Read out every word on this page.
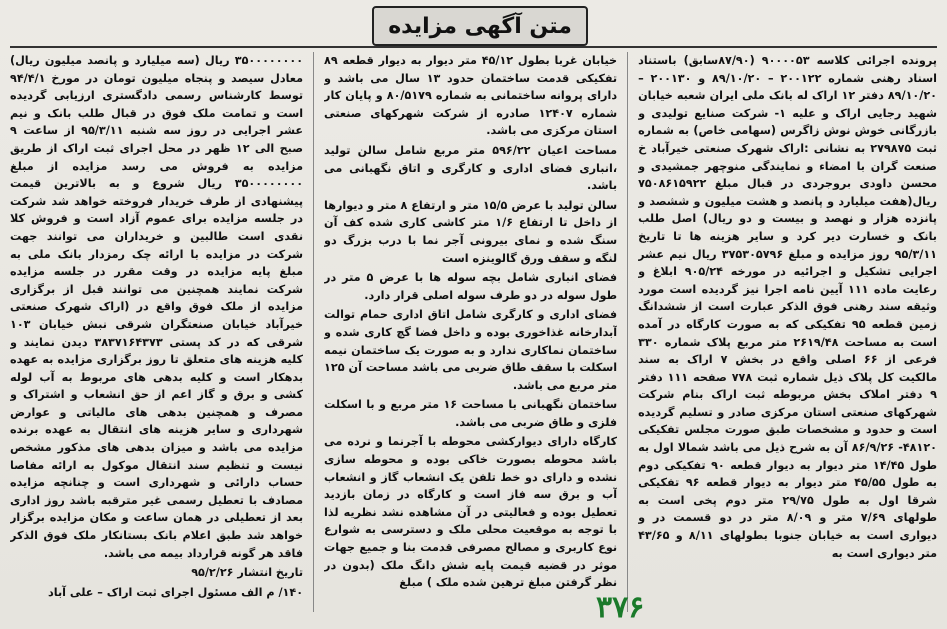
متن آگهی مزایده

پرونده اجرائی کلاسه ۹۰۰۰۰۵۳ (۸۷/۹۰سابق) باستناد اسناد رهنی شماره ۲۰۰۱۲۲ – ۸۹/۱۰/۲۰ و ۲۰۰۱۳۰ – ۸۹/۱۰/۲۰ دفتر ۱۲ اراک له بانک ملی ایران شعبه خیابان شهید رجایی اراک و علیه ۱- شرکت صنایع تولیدی و بازرگانی خوش نوش زاگرس (سهامی خاص) به شماره ثبت ۲۷۹۸۷۵ به نشانی :اراک شهرک صنعتی خیرآباد خ صنعت گران با امضاء و نمایندگی منوچهر جمشیدی و محسن داودی بروجردی در قبال مبلغ ۷۵۰۸۶۱۵۹۲۲ ریال(هفت میلیارد و پانصد و هشت میلیون و ششصد و پانزده هزار و نهصد و بیست و دو ریال) اصل طلب بانک و خسارت دیر کرد و سایر هزینه ها تا تاریخ ۹۵/۳/۱۱ روز مزایده و مبلغ ۳۷۵۳۰۵۷۹۶ ریال نیم عشر اجرایی تشکیل و اجرائیه در مورخه ۹۰۵/۲۴ ابلاغ و رعایت ماده ۱۱۱ آیین نامه اجرا نیز گردیده است مورد وثیقه سند رهنی فوق الذکر عبارت است از ششدانگ زمین قطعه ۹۵ تفکیکی که به صورت کارگاه در آمده است به مساحت ۲۶۱۹/۴۸ متر مربع پلاک شماره ۳۳۰ فرعی از ۶۶ اصلی واقع در بخش ۷ اراک به سند مالکیت کل پلاک ذیل شماره ثبت ۷۷۸ صفحه ۱۱۱ دفتر ۹ دفتر املاک بخش مربوطه ثبت اراک بنام شرکت شهرکهای صنعتی استان مرکزی صادر و تسلیم گردیده است و حدود و مشخصات طبق صورت مجلس تفکیکی ۴۸۱۲۰- ۸۶/۹/۲۶ آن به شرح ذیل می باشد شمالا اول به طول ۱۴/۴۵ متر دیوار به دیوار قطعه ۹۰ تفکیکی دوم به طول ۴۵/۵۵ متر دیوار به دیوار قطعه ۹۶ تفکیکی شرقا اول به طول ۲۹/۷۵ متر دوم پخی است به طولهای ۷/۶۹ متر و ۸/۰۹ متر در دو قسمت در و دیواری است به خیابان جنوبا بطولهای ۸/۱۱ و ۴۳/۶۵ متر دیواری است به

خیابان غربا بطول ۴۵/۱۲ متر دیوار به دیوار قطعه ۸۹ تفکیکی قدمت ساختمان حدود ۱۳ سال می باشد و دارای پروانه ساختمانی به شماره ۸۰/۵۱۷۹ و پایان کار شماره ۱۲۴۰۷ صادره از شرکت شهرکهای صنعتی استان مرکزی می باشد.

مساحت اعیان ۵۹۶/۲۲ متر مربع شامل سالن تولید ،انباری فضای اداری و کارگری و اتاق نگهبانی می باشد.

سالن تولید با عرض ۱۵/۵ متر و ارتفاع ۸ متر و دیوارها از داخل تا ارتفاع ۱/۶ متر کاشی کاری شده کف آن سنگ شده و نمای بیرونی آجر نما با درب بزرگ دو لنگه و سقف ورق گالوینزه است

فضای انباری شامل بچه سوله ها با عرض ۵ متر در طول سوله در دو طرف سوله اصلی قرار دارد.

فضای اداری و کارگری شامل اتاق اداری حمام توالت آبدارخانه غذاخوری بوده و داخل فضا گچ کاری شده و ساختمان نماکاری ندارد و به صورت یک ساختمان نیمه اسکلت با سقف طاق ضربی می باشد مساحت آن ۱۲۵ متر مربع می باشد.

ساختمان نگهبانی با مساحت ۱۶ متر مربع و با اسکلت فلزی و طاق ضربی می باشد.

کارگاه دارای دیوارکشی محوطه با آجرنما و نرده می باشد محوطه بصورت خاکی بوده و محوطه سازی نشده و دارای دو خط تلفن یک انشعاب گاز و انشعاب آب و برق سه فاز است و کارگاه در زمان بازدید تعطیل بوده و فعالیتی در آن مشاهده نشد نظریه لذا با توجه به موقعیت محلی ملک و دسترسی به شوارع نوع کاربری و مصالح مصرفی قدمت بنا و جمیع جهات موثر در قضیه قیمت پایه شش دانگ ملک (بدون در نظر گرفتن مبلغ ترهین شده ملک ) مبلغ

۳۵۰۰۰۰۰۰۰۰ ریال (سه میلیارد و پانصد میلیون ریال) معادل سیصد و پنجاه میلیون تومان در مورخ ۹۴/۴/۱ توسط کارشناس رسمی دادگستری ارزیابی گردیده است و تمامت ملک فوق در قبال طلب بانک و نیم عشر اجرایی در روز سه شنبه ۹۵/۳/۱۱ از ساعت ۹ صبح الی ۱۲ ظهر در محل اجرای ثبت اراک از طریق مزایده به فروش می رسد مزایده از مبلغ ۳۵۰۰۰۰۰۰۰۰ ریال شروع و به بالاترین قیمت پیشنهادی از طرف خریدار فروخته خواهد شد شرکت در جلسه مزایده برای عموم آزاد است و فروش کلا نقدی است طالبین و خریداران می توانند جهت شرکت در مزایده با ارائه چک رمزدار بانک ملی به مبلغ پایه مزایده در وقت مقرر در جلسه مزایده شرکت نمایند همچنین می توانند قبل از برگزاری مزایده از ملک فوق واقع در (اراک شهرک صنعتی خیرآباد خیابان صنعتگران شرقی نبش خیابان ۱۰۳ شرقی که در کد پستی ۳۸۳۷۱۶۴۳۷۳ دیدن نمایند و کلیه هزینه های متعلق تا روز برگزاری مزایده به عهده بدهکار است و کلیه بدهی های مربوط به آب لوله کشی و برق و گاز اعم از حق انشعاب و اشتراک و مصرف و همچنین بدهی های مالیاتی و عوارض شهرداری و سایر هزینه های انتقال به عهده برنده مزایده می باشد و میزان بدهی های مذکور مشخص نیست و تنظیم سند انتقال موکول به ارائه مفاصا حساب دارائی و شهرداری است و چنانچه مزایده مصادف با تعطیل رسمی غیر مترقبه باشد روز اداری بعد از تعطیلی در همان ساعت و مکان مزایده برگزار خواهد شد طبق اعلام بانک بستانکار ملک فوق الذکر فاقد هر گونه قرارداد بیمه می باشد.

تاریخ انتشار ۹۵/۲/۲۶

۱۴۰/ م الف مسئول اجرای ثبت اراک – علی آباد	۳۷۶
